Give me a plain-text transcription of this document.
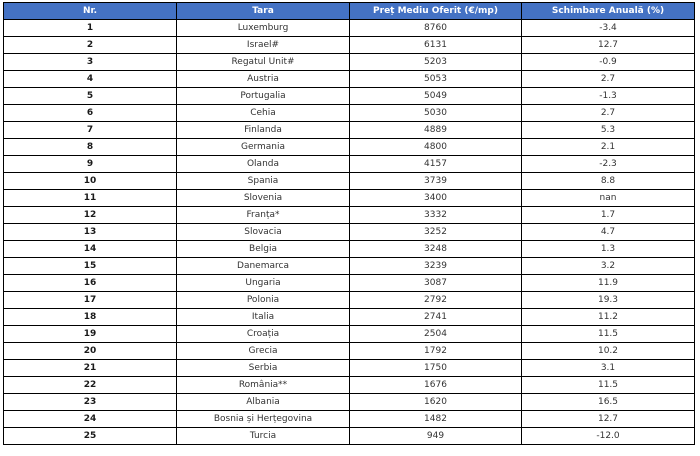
Nr.	Tara	Preț Mediu Oferit (€/mp)	Schimbare Anuală (%)
1	Luxemburg	8760	-3.4
2	Israel#	6131	12.7
3	Regatul Unit#	5203	-0.9
4	Austria	5053	2.7
5	Portugalia	5049	-1.3
6	Cehia	5030	2.7
7	Finlanda	4889	5.3
8	Germania	4800	2.1
9	Olanda	4157	-2.3
10	Spania	3739	8.8
11	Slovenia	3400	nan
12	Franța*	3332	1.7
13	Slovacia	3252	4.7
14	Belgia	3248	1.3
15	Danemarca	3239	3.2
16	Ungaria	3087	11.9
17	Polonia	2792	19.3
18	Italia	2741	11.2
19	Croația	2504	11.5
20	Grecia	1792	10.2
21	Serbia	1750	3.1
22	România**	1676	11.5
23	Albania	1620	16.5
24	Bosnia și Herțegovina	1482	12.7
25	Turcia	949	-12.0
